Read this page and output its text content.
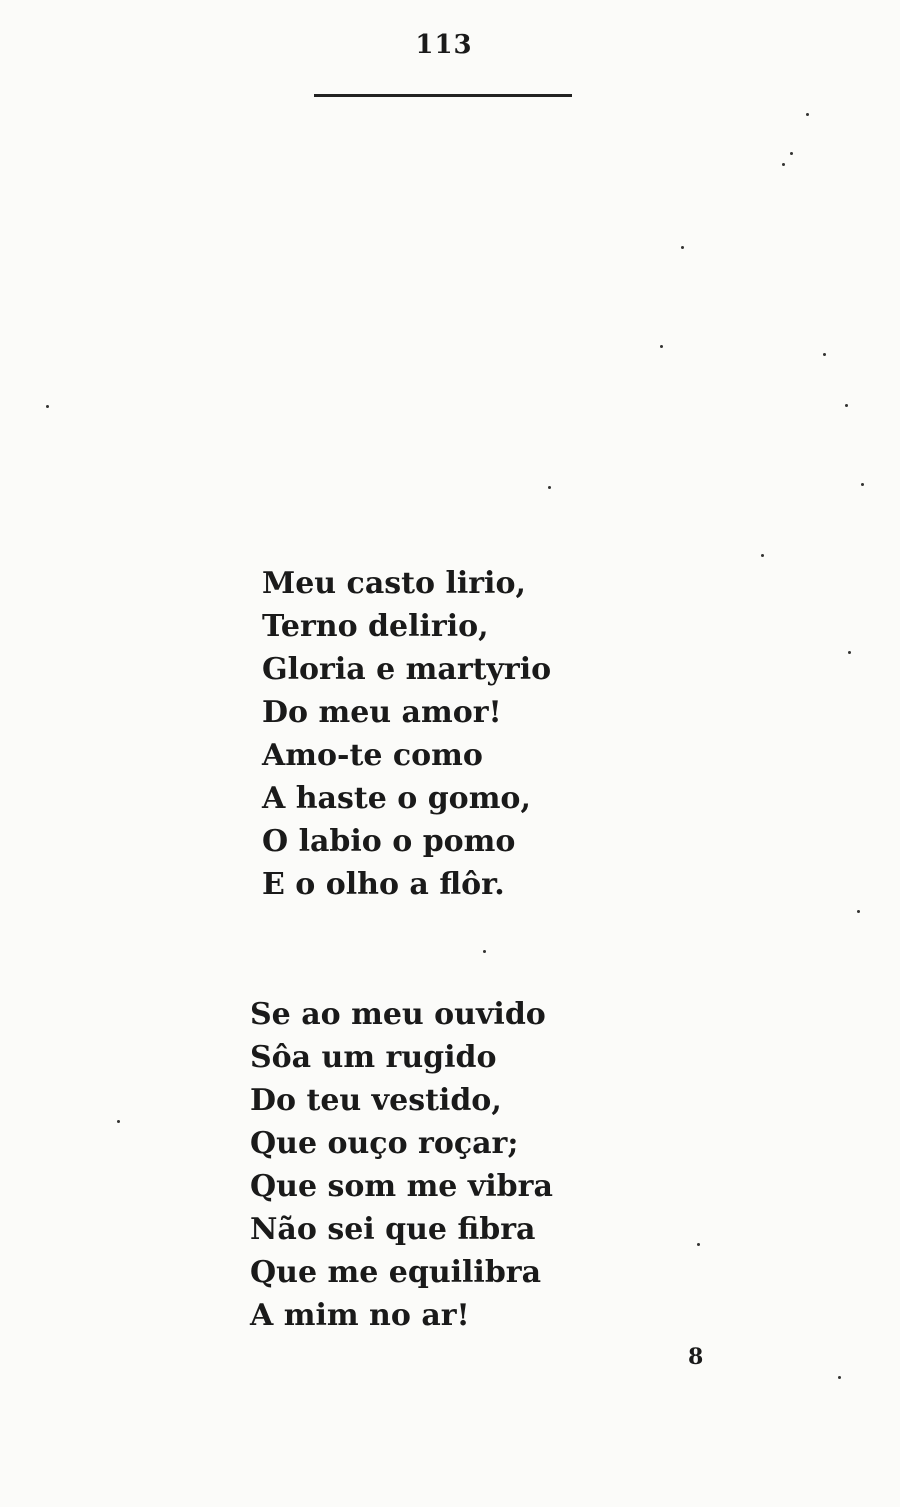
113
Meu casto lirio,
Terno delirio,
Gloria e martyrio
Do meu amor!
Amo-te como
A haste o gomo,
O labio o pomo
E o olho a flôr.
Se ao meu ouvido
Sôa um rugido
Do teu vestido,
Que ouço roçar;
Que som me vibra
Não sei que fibra
Que me equilibra
A mim no ar!
8
